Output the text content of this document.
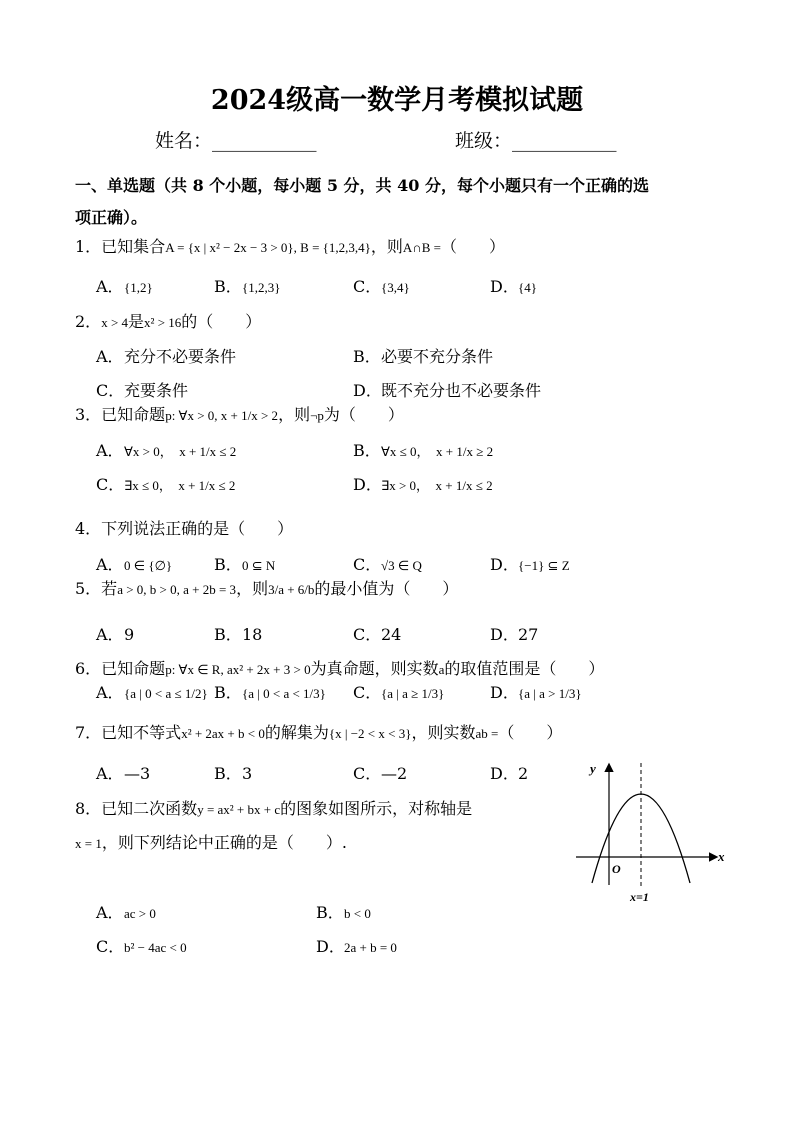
2024级高一数学月考模拟试题
姓名：___________	班级：___________
一、单选题（共 8 个小题，每小题 5 分，共 40 分，每个小题只有一个正确的选
项正确）。
1．已知集合A = {x | x² − 2x − 3 > 0}, B = {1,2,3,4}，则A∩B =（　　）
A．{1,2}	B．{1,2,3}	C．{3,4}	D．{4}
2．x > 4是x² > 16的（　　）
A．充分不必要条件	B．必要不充分条件
C．充要条件	D．既不充分也不必要条件
3．已知命题p: ∀x > 0, x + 1/x > 2，则¬p为（　　）
A．∀x > 0，　x + 1/x ≤ 2	B．∀x ≤ 0，　x + 1/x ≥ 2
C．∃x ≤ 0，　x + 1/x ≤ 2	D．∃x > 0，　x + 1/x ≤ 2
4．下列说法正确的是（　　）
A．0 ∈ {∅}	B．0 ⊆ N	C．√3 ∈ Q	D．{−1} ⊆ Z
5．若a > 0, b > 0, a + 2b = 3，则3/a + 6/b的最小值为（　　）
A．9	B．18	C．24	D．27
6．已知命题p: ∀x ∈ R, ax² + 2x + 3 > 0为真命题，则实数a的取值范围是（　　）
A．{a | 0 < a ≤ 1/2} B．{a | 0 < a < 1/3} C．{a | a ≥ 1/3}	D．{a | a > 1/3}
7．已知不等式x² + 2ax + b < 0的解集为{x | −2 < x < 3}，则实数ab =（　　）
A．—3	B．3	C．—2	D．2
8．已知二次函数y = ax² + bx + c的图象如图所示，对称轴是
x = 1，则下列结论中正确的是（　　）.
A．ac > 0	B．b < 0
C．b² − 4ac < 0	D．2a + b = 0
y
x
O
x=1
